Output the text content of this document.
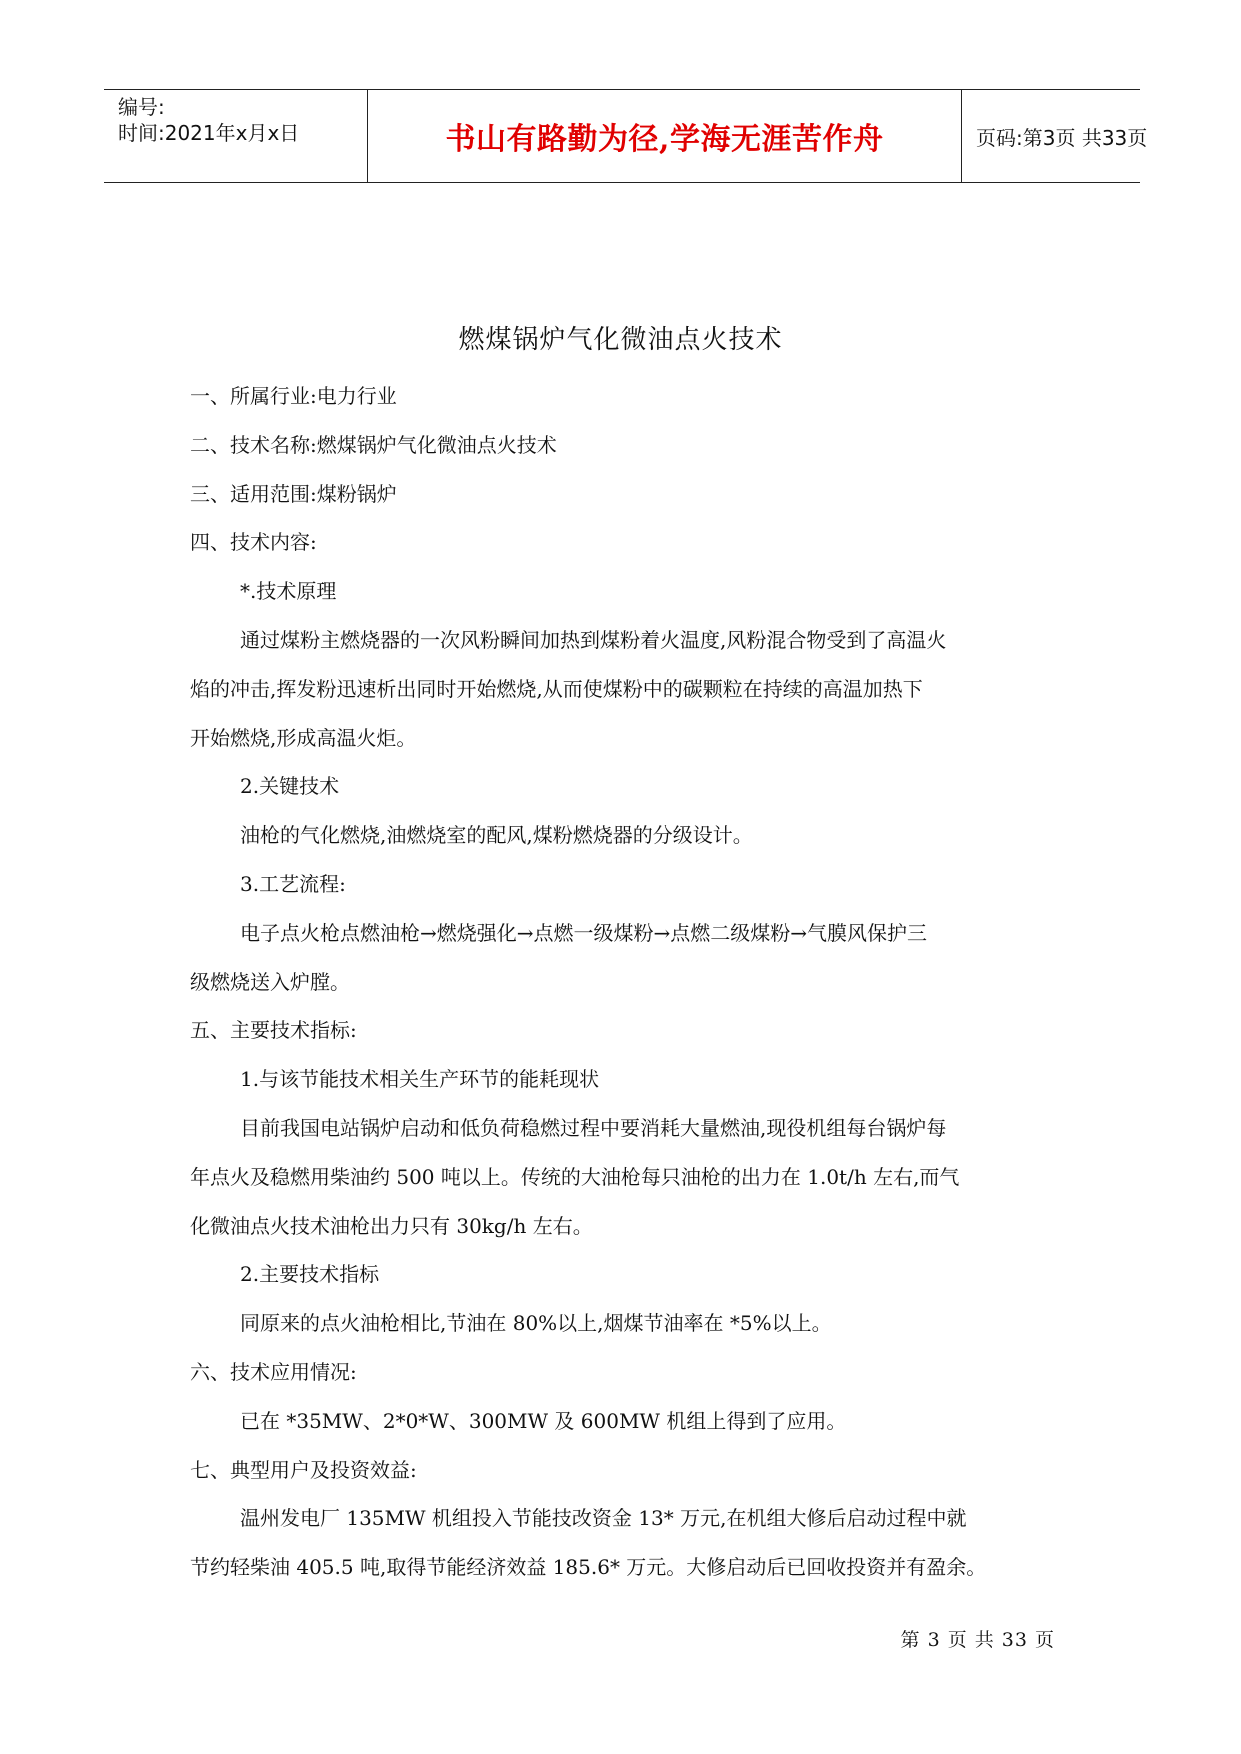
编号:
时间:2021年x月x日	书山有路勤为径,学海无涯苦作舟	页码:第3页 共33页
燃煤锅炉气化微油点火技术

一、所属行业:电力行业

二、技术名称:燃煤锅炉气化微油点火技术

三、适用范围:煤粉锅炉

四、技术内容:

*.技术原理

通过煤粉主燃烧器的一次风粉瞬间加热到煤粉着火温度,风粉混合物受到了高温火

焰的冲击,挥发粉迅速析出同时开始燃烧,从而使煤粉中的碳颗粒在持续的高温加热下

开始燃烧,形成高温火炬。

2.关键技术

油枪的气化燃烧,油燃烧室的配风,煤粉燃烧器的分级设计。

3.工艺流程:

电子点火枪点燃油枪→燃烧强化→点燃一级煤粉→点燃二级煤粉→气膜风保护三

级燃烧送入炉膛。

五、主要技术指标:

1.与该节能技术相关生产环节的能耗现状

目前我国电站锅炉启动和低负荷稳燃过程中要消耗大量燃油,现役机组每台锅炉每

年点火及稳燃用柴油约 500 吨以上。传统的大油枪每只油枪的出力在 1.0t/h 左右,而气

化微油点火技术油枪出力只有 30kg/h 左右。

2.主要技术指标

同原来的点火油枪相比,节油在 80%以上,烟煤节油率在 *5%以上。

六、技术应用情况:

已在 *35MW、2*0*W、300MW 及 600MW 机组上得到了应用。

七、典型用户及投资效益:

温州发电厂 135MW 机组投入节能技改资金 13* 万元,在机组大修后启动过程中就

节约轻柴油 405.5 吨,取得节能经济效益 185.6* 万元。大修启动后已回收投资并有盈余。

第 3 页 共 33 页
